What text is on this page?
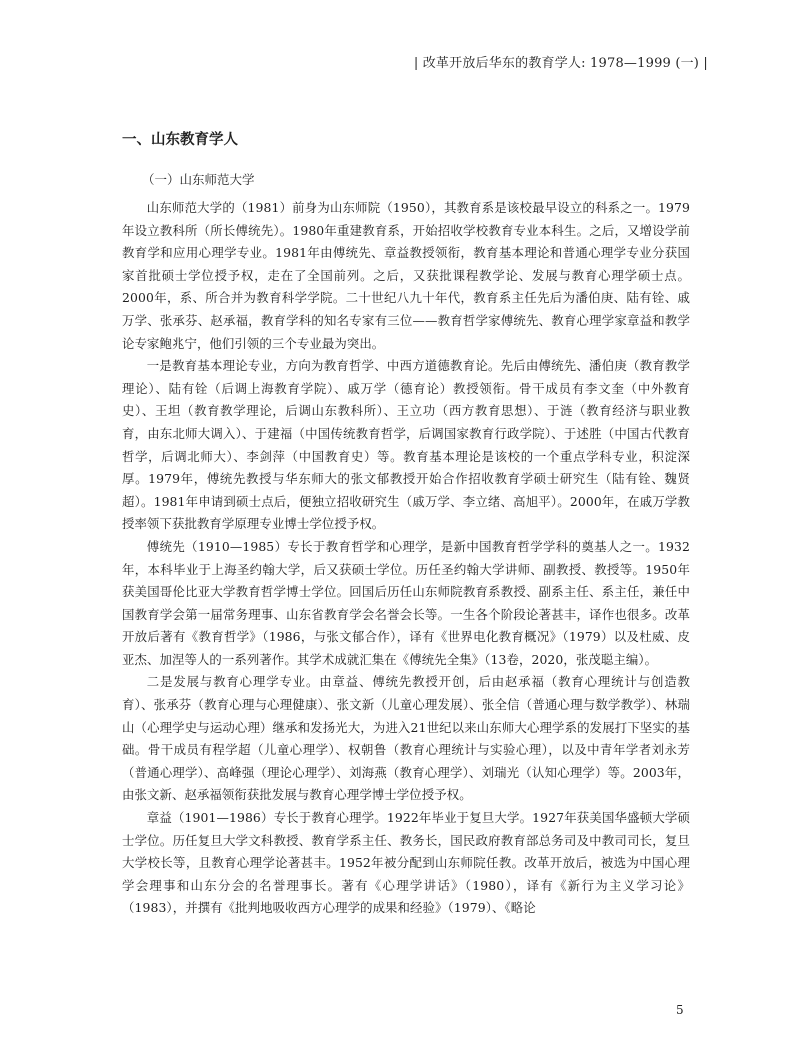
| 改革开放后华东的教育学人: 1978—1999 (一) |
一、山东教育学人
（一）山东师范大学

山东师范大学的（1981）前身为山东师院（1950），其教育系是该校最早设立的科系之一。1979年设立教科所（所长傅统先）。1980年重建教育系，开始招收学校教育专业本科生。之后，又增设学前教育学和应用心理学专业。1981年由傅统先、章益教授领衔，教育基本理论和普通心理学专业分获国家首批硕士学位授予权，走在了全国前列。之后，又获批课程教学论、发展与教育心理学硕士点。2000年，系、所合并为教育科学学院。二十世纪八九十年代，教育系主任先后为潘伯庚、陆有铨、戚万学、张承芬、赵承福，教育学科的知名专家有三位——教育哲学家傅统先、教育心理学家章益和教学论专家鲍兆宁，他们引领的三个专业最为突出。

一是教育基本理论专业，方向为教育哲学、中西方道德教育论。先后由傅统先、潘伯庚（教育教学理论）、陆有铨（后调上海教育学院）、戚万学（德育论）教授领衔。骨干成员有李文奎（中外教育史）、王坦（教育教学理论，后调山东教科所）、王立功（西方教育思想）、于涟（教育经济与职业教育，由东北师大调入）、于建福（中国传统教育哲学，后调国家教育行政学院）、于述胜（中国古代教育哲学，后调北师大）、李剑萍（中国教育史）等。教育基本理论是该校的一个重点学科专业，积淀深厚。1979年，傅统先教授与华东师大的张文郁教授开始合作招收教育学硕士研究生（陆有铨、魏贤超）。1981年申请到硕士点后，便独立招收研究生（戚万学、李立绪、高旭平）。2000年，在戚万学教授率领下获批教育学原理专业博士学位授予权。

傅统先（1910—1985）专长于教育哲学和心理学，是新中国教育哲学学科的奠基人之一。1932年，本科毕业于上海圣约翰大学，后又获硕士学位。历任圣约翰大学讲师、副教授、教授等。1950年获美国哥伦比亚大学教育哲学博士学位。回国后历任山东师院教育系教授、副系主任、系主任，兼任中国教育学会第一届常务理事、山东省教育学会名誉会长等。一生各个阶段论著甚丰，译作也很多。改革开放后著有《教育哲学》（1986，与张文郁合作），译有《世界电化教育概况》（1979）以及杜威、皮亚杰、加涅等人的一系列著作。其学术成就汇集在《傅统先全集》（13卷，2020，张茂聪主编）。

二是发展与教育心理学专业。由章益、傅统先教授开创，后由赵承福（教育心理统计与创造教育）、张承芬（教育心理与心理健康）、张文新（儿童心理发展）、张全信（普通心理与数学教学）、林瑞山（心理学史与运动心理）继承和发扬光大，为进入21世纪以来山东师大心理学系的发展打下坚实的基础。骨干成员有程学超（儿童心理学）、权朝鲁（教育心理统计与实验心理），以及中青年学者刘永芳（普通心理学）、高峰强（理论心理学）、刘海燕（教育心理学）、刘瑞光（认知心理学）等。2003年，由张文新、赵承福领衔获批发展与教育心理学博士学位授予权。

章益（1901—1986）专长于教育心理学。1922年毕业于复旦大学。1927年获美国华盛顿大学硕士学位。历任复旦大学文科教授、教育学系主任、教务长，国民政府教育部总务司及中教司司长，复旦大学校长等，且教育心理学论著甚丰。1952年被分配到山东师院任教。改革开放后，被选为中国心理学会理事和山东分会的名誉理事长。著有《心理学讲话》（1980），译有《新行为主义学习论》（1983），并撰有《批判地吸收西方心理学的成果和经验》（1979）、《略论

5
